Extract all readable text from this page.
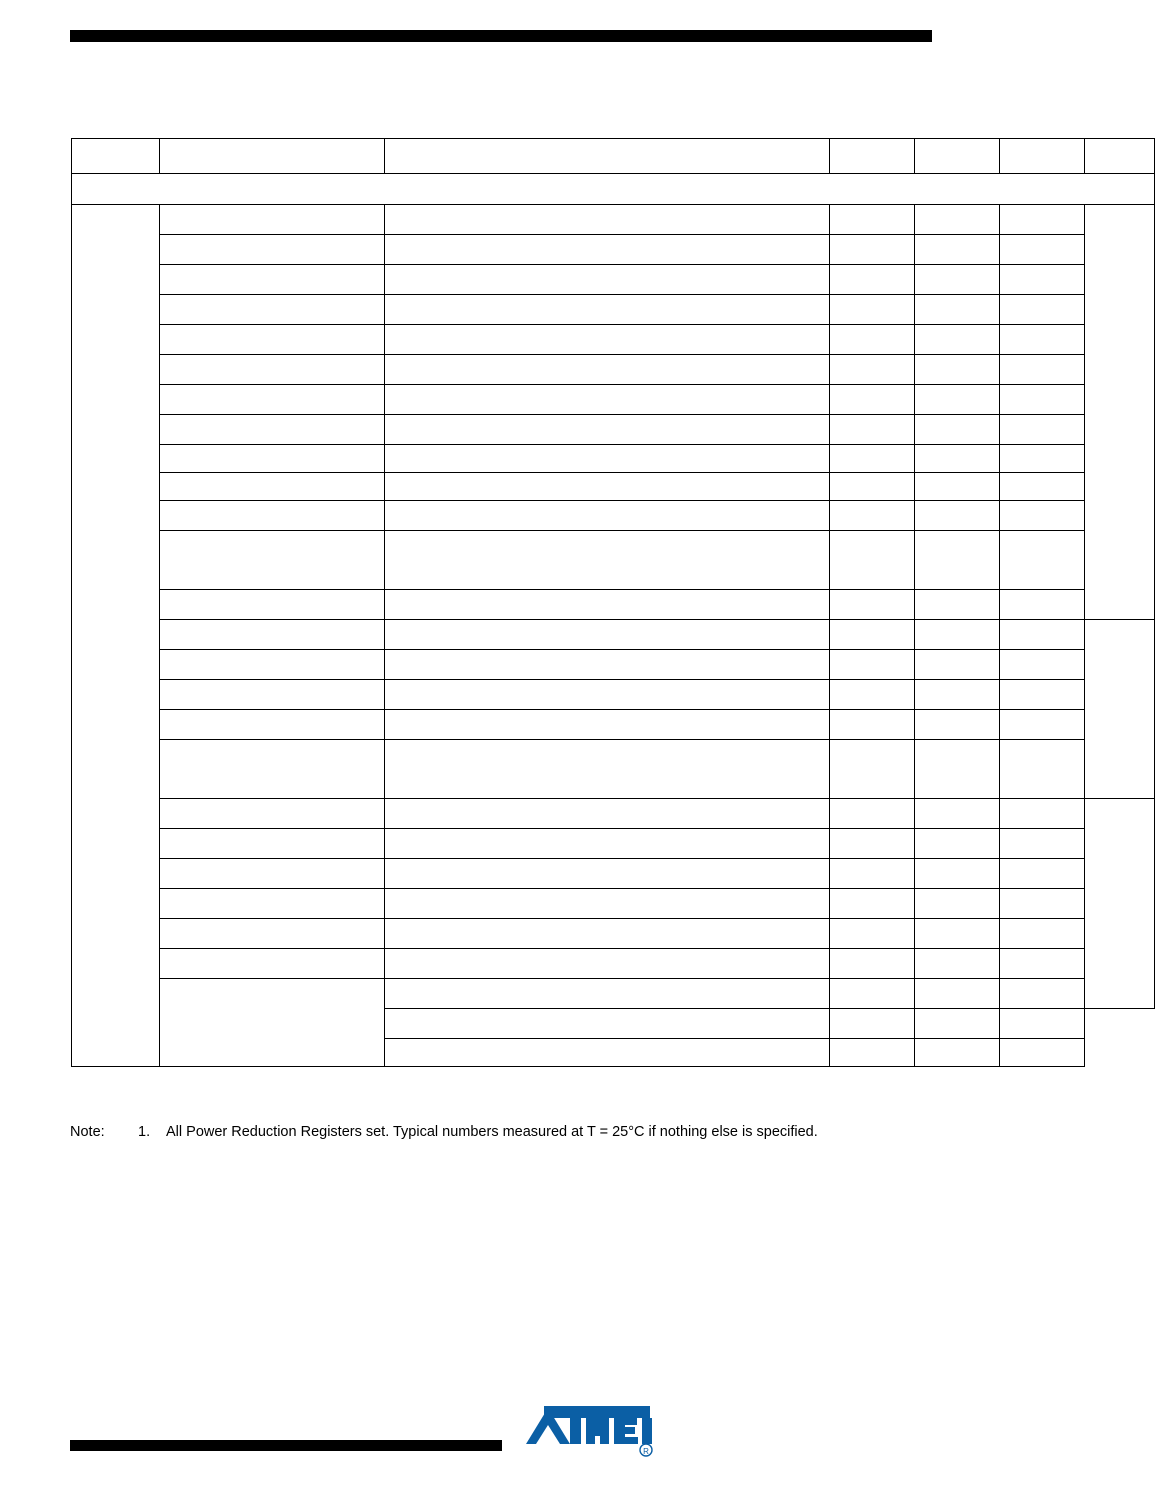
Note: 1. All Power Reduction Registers set. Typical numbers measured at T = 25°C if nothing else is specified.
R
